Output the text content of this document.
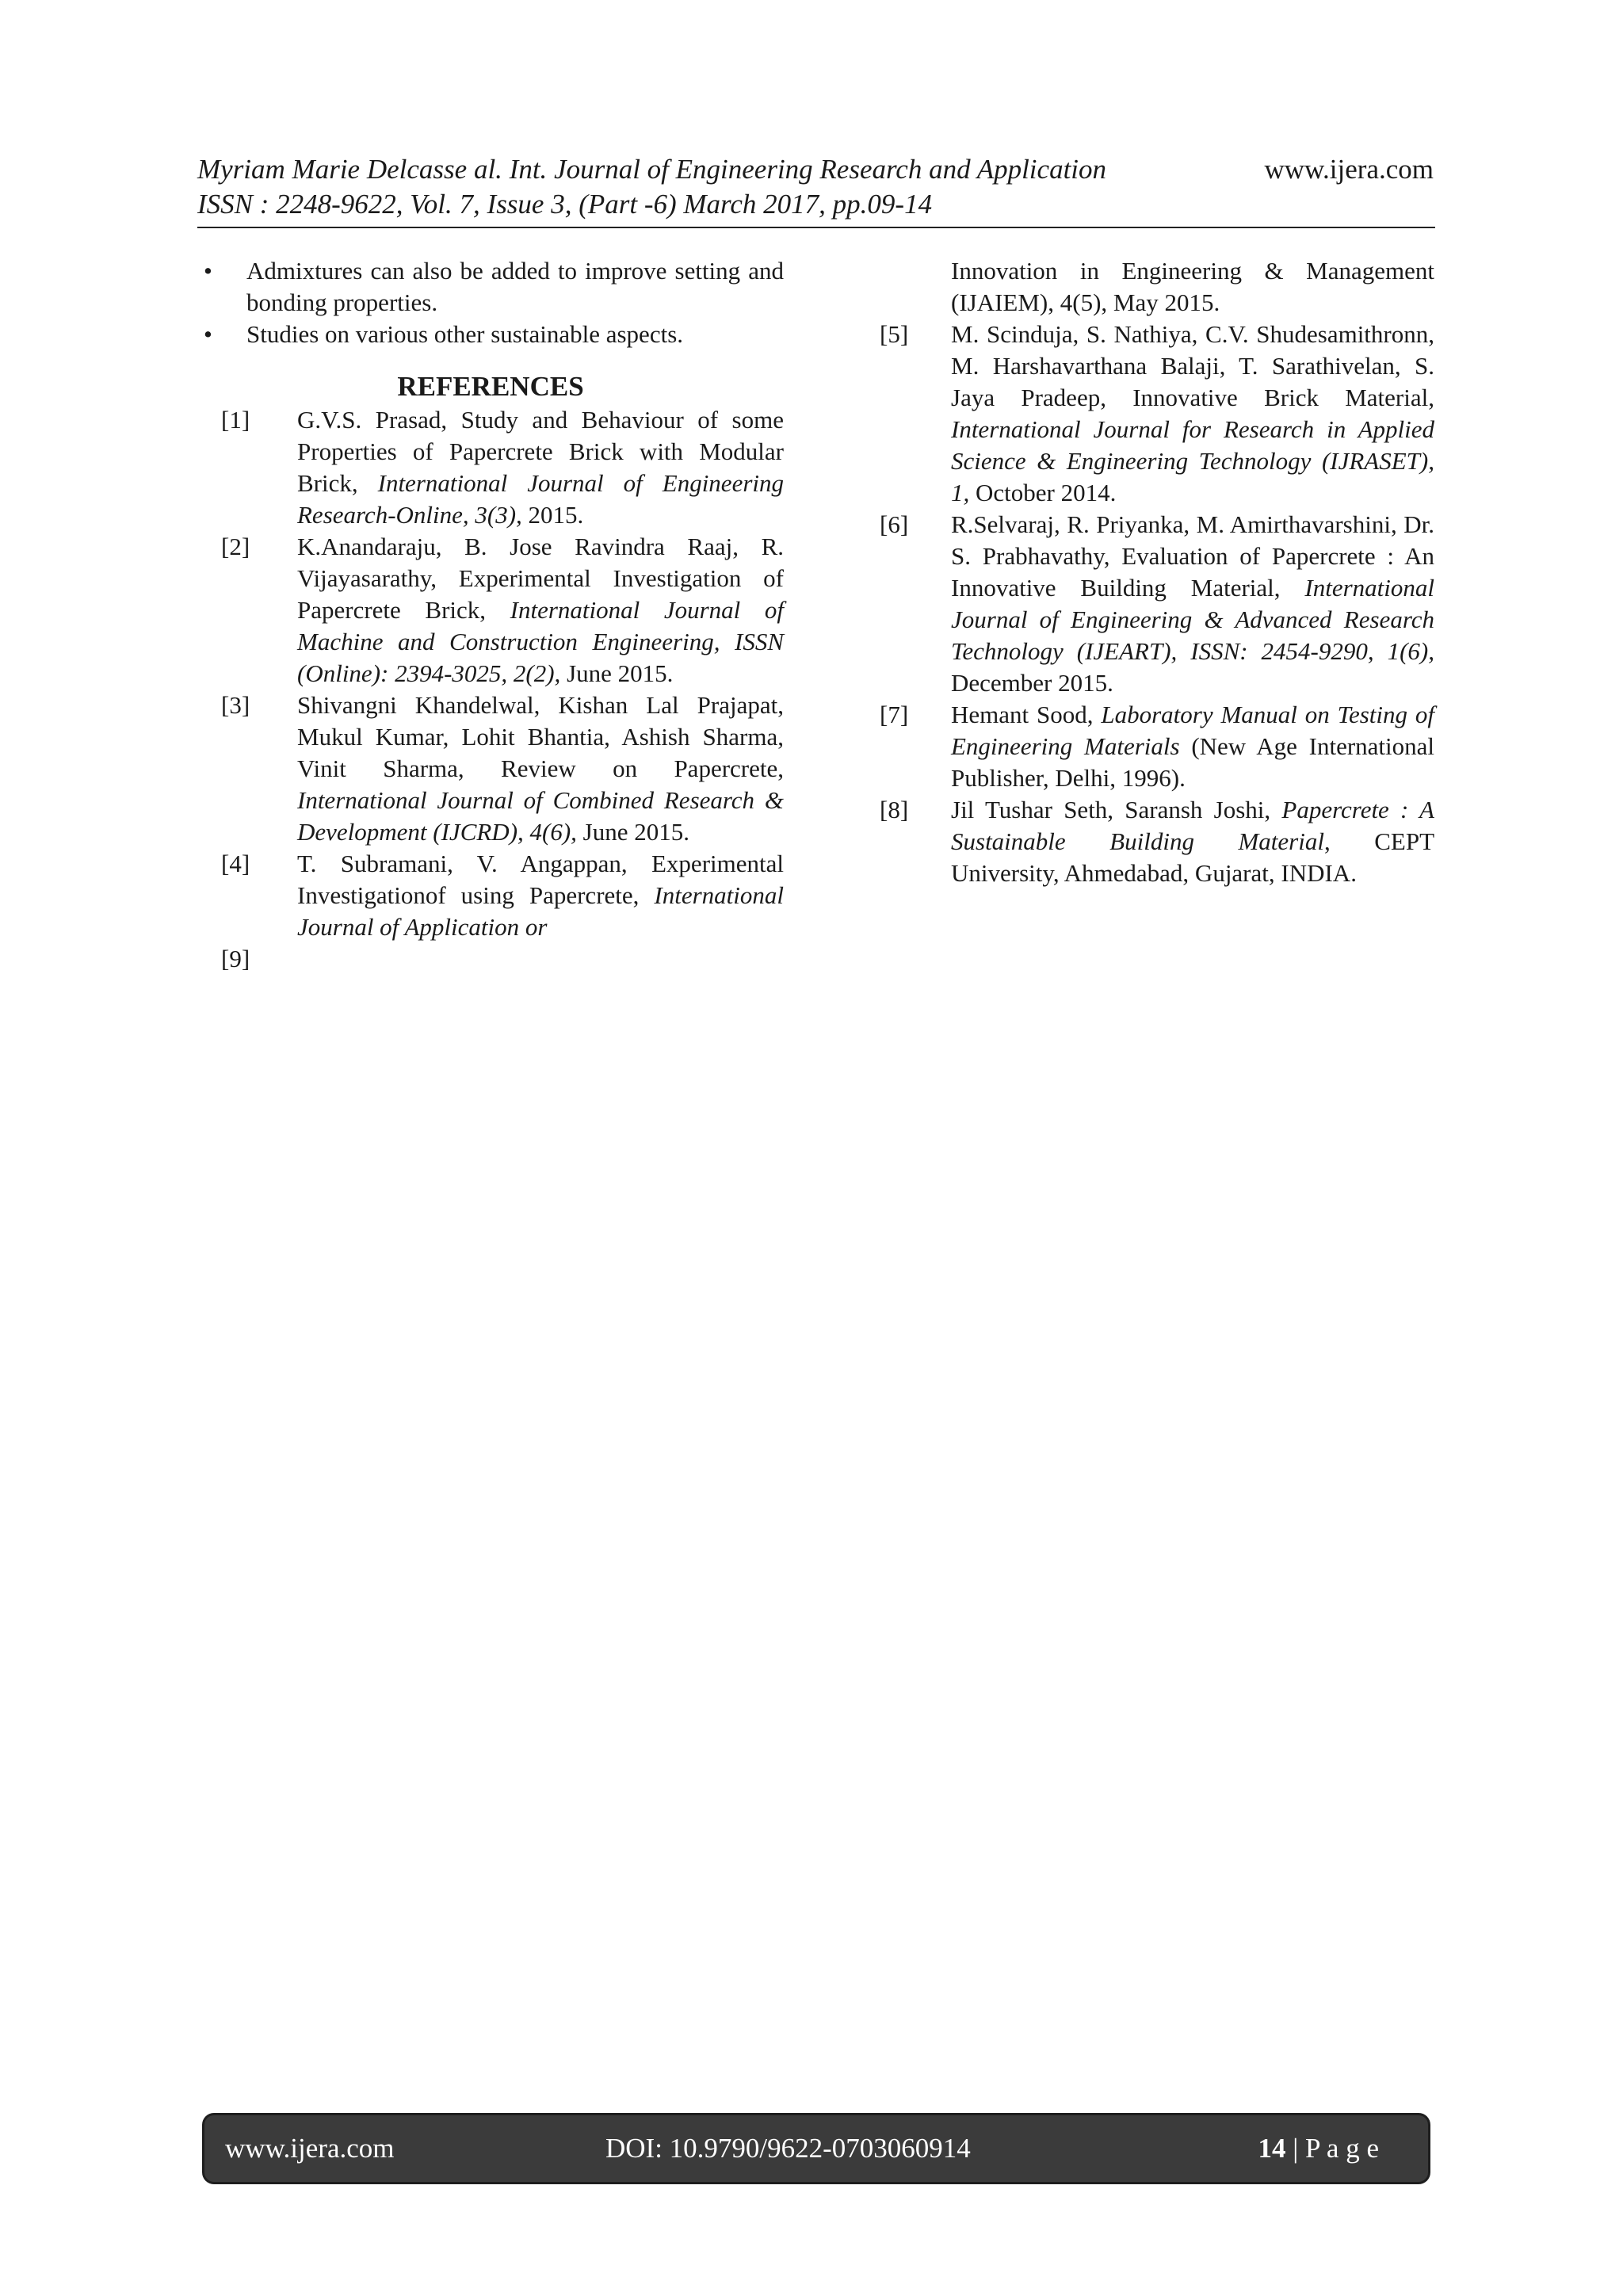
Myriam Marie Delcasse al. Int. Journal of Engineering Research and Application	www.ijera.com
ISSN : 2248-9622, Vol. 7, Issue 3, (Part -6) March 2017, pp.09-14
• Admixtures can also be added to improve setting and bonding properties.
• Studies on various other sustainable aspects.
REFERENCES
[1] G.V.S. Prasad, Study and Behaviour of some Properties of Papercrete Brick with Modular Brick, International Journal of Engineering Research-Online, 3(3), 2015.
[2] K.Anandaraju, B. Jose Ravindra Raaj, R. Vijayasarathy, Experimental Investigation of Papercrete Brick, International Journal of Machine and Construction Engineering, ISSN (Online): 2394-3025, 2(2), June 2015.
[3] Shivangni Khandelwal, Kishan Lal Prajapat, Mukul Kumar, Lohit Bhantia, Ashish Sharma, Vinit Sharma, Review on Papercrete, International Journal of Combined Research & Development (IJCRD), 4(6), June 2015.
[4] T. Subramani, V. Angappan, Experimental Investigationof using Papercrete, International Journal of Application or
[9]
Innovation in Engineering & Management (IJAIEM), 4(5), May 2015.
[5] M. Scinduja, S. Nathiya, C.V. Shudesamithronn, M. Harshavarthana Balaji, T. Sarathivelan, S. Jaya Pradeep, Innovative Brick Material, International Journal for Research in Applied Science & Engineering Technology (IJRASET), 1, October 2014.
[6] R.Selvaraj, R. Priyanka, M. Amirthavarshini, Dr. S. Prabhavathy, Evaluation of Papercrete : An Innovative Building Material, International Journal of Engineering & Advanced Research Technology (IJEART), ISSN: 2454-9290, 1(6), December 2015.
[7] Hemant Sood, Laboratory Manual on Testing of Engineering Materials (New Age International Publisher, Delhi, 1996).
[8] Jil Tushar Seth, Saransh Joshi, Papercrete : A Sustainable Building Material, CEPT University, Ahmedabad, Gujarat, INDIA.
www.ijera.com	DOI: 10.9790/9622-0703060914	14 | P a g e
